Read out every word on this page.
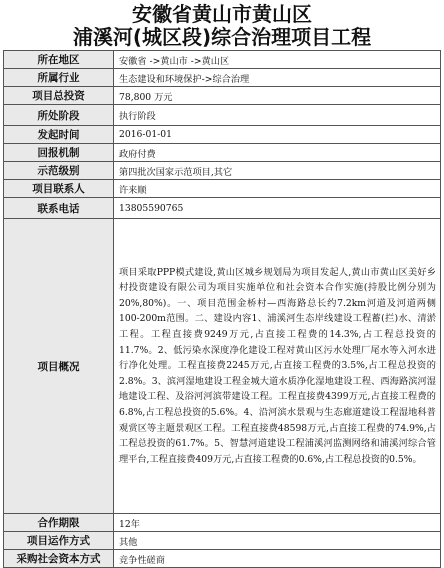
安徽省黄山市黄山区
浦溪河(城区段)综合治理项目工程
所在地区	安徽省 ->黄山市 ->黄山区
所属行业	生态建设和环境保护->综合治理
项目总投资	78,800 万元
所处阶段	执行阶段
发起时间	2016-01-01
回报机制	政府付费
示范级别	第四批次国家示范项目,其它
项目联系人	许来顺
联系电话	13805590765
项目概况	项目采取PPP模式建设,黄山区城乡规划局为项目发起人,黄山市黄山区美好乡村投资建设有限公司为项目实施单位和社会资本合作实施(持股比例分别为20%,80%)。一、项目范围金桥村—西海路总长约7.2km河道及河道两侧100-200m范围。二、建设内容1、浦溪河生态岸线建设工程蓄(拦)水、清淤工程。工程直接费9249万元,占直接工程费的14.3%,占工程总投资的11.7%。2、低污染水深度净化建设工程对黄山区污水处理厂尾水等入河水进行净化处理。工程直接费2245万元,占直接工程费的3.5%,占工程总投资的2.8%。3、滨河湿地建设工程金城大道水质净化湿地建设工程、西海路滨河湿地建设工程、及浴河河滨带建设工程。工程直接费4399万元,占直接工程费的6.8%,占工程总投资的5.6%。4、沿河滨水景观与生态廊道建设工程湿地科普观赏区等主题景观区工程。工程直接费48598万元,占直接工程费的74.9%,占工程总投资的61.7%。5、智慧河道建设工程浦溪河监测网络和浦溪河综合管理平台,工程直接费409万元,占直接工程费的0.6%,占工程总投资的0.5%。
合作期限	12年
项目运作方式	其他
采购社会资本方式	竞争性磋商
